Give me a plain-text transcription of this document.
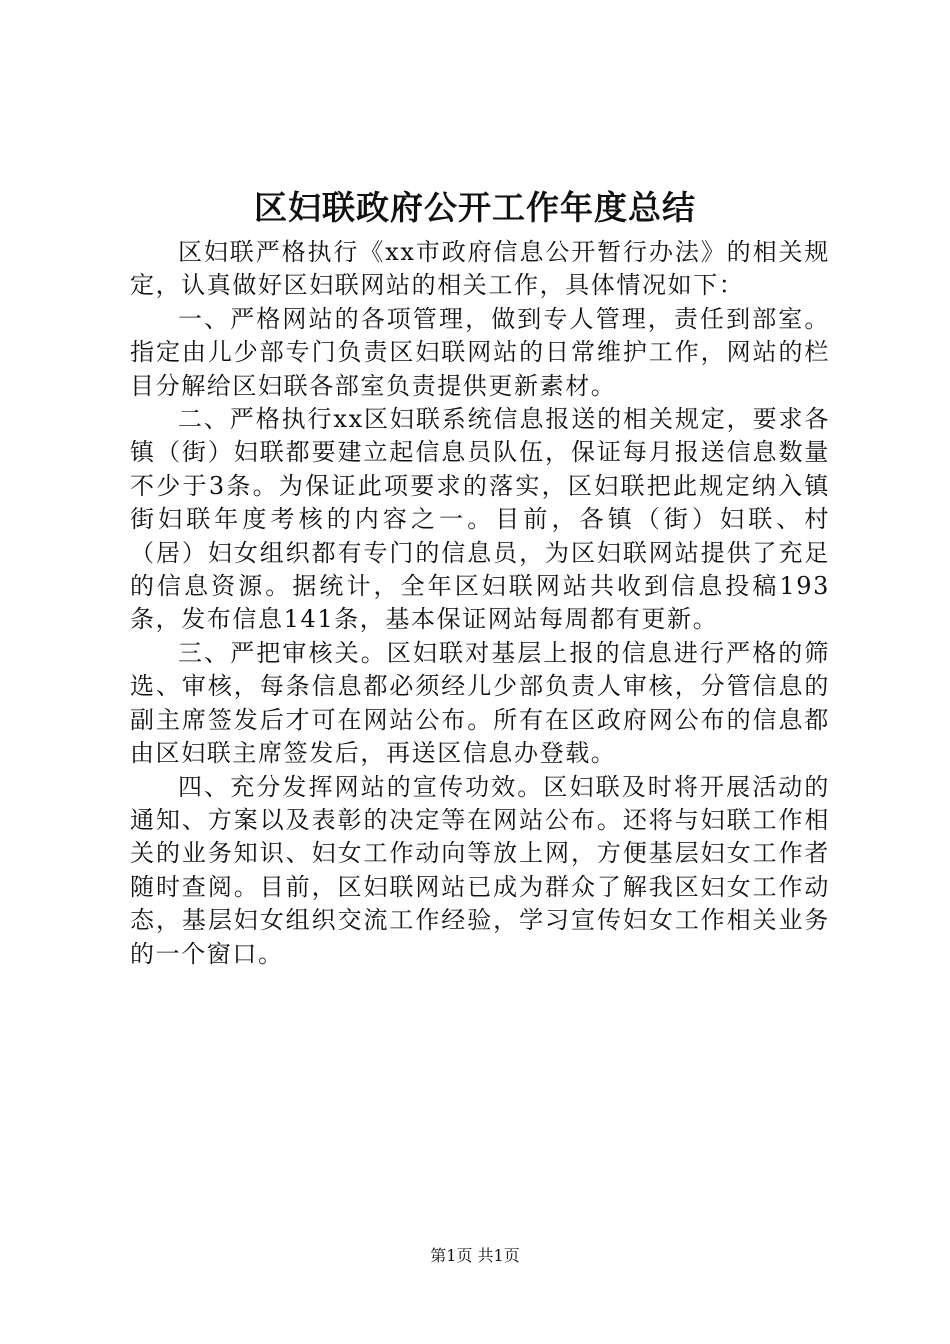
区妇联政府公开工作年度总结

区妇联严格执行《xx市政府信息公开暂行办法》的相关规定，认真做好区妇联网站的相关工作，具体情况如下：

一、严格网站的各项管理，做到专人管理，责任到部室。指定由儿少部专门负责区妇联网站的日常维护工作，网站的栏目分解给区妇联各部室负责提供更新素材。

二、严格执行xx区妇联系统信息报送的相关规定，要求各镇（街）妇联都要建立起信息员队伍，保证每月报送信息数量不少于3条。为保证此项要求的落实，区妇联把此规定纳入镇街妇联年度考核的内容之一。目前，各镇（街）妇联、村（居）妇女组织都有专门的信息员，为区妇联网站提供了充足的信息资源。据统计，全年区妇联网站共收到信息投稿193条，发布信息141条，基本保证网站每周都有更新。

三、严把审核关。区妇联对基层上报的信息进行严格的筛选、审核，每条信息都必须经儿少部负责人审核，分管信息的副主席签发后才可在网站公布。所有在区政府网公布的信息都由区妇联主席签发后，再送区信息办登载。

四、充分发挥网站的宣传功效。区妇联及时将开展活动的通知、方案以及表彰的决定等在网站公布。还将与妇联工作相关的业务知识、妇女工作动向等放上网，方便基层妇女工作者随时查阅。目前，区妇联网站已成为群众了解我区妇女工作动态，基层妇女组织交流工作经验，学习宣传妇女工作相关业务的一个窗口。

第1页 共1页
